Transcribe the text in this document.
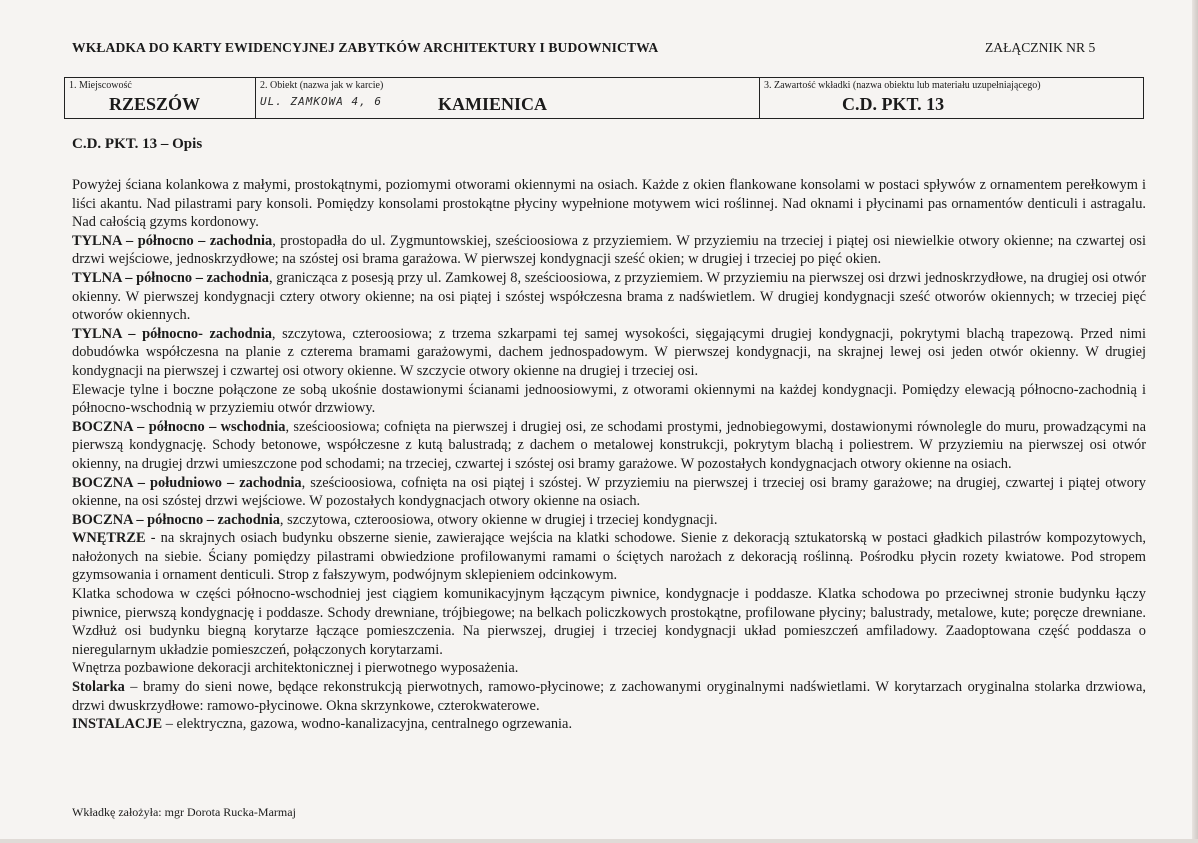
WKŁADKA DO KARTY EWIDENCYJNEJ ZABYTKÓW ARCHITEKTURY I BUDOWNICTWA	ZAŁĄCZNIK NR 5
1. Miejscowość
RZESZÓW
2. Obiekt (nazwa jak w karcie)
UL. ZAMKOWA 4, 6	KAMIENICA
3. Zawartość wkładki (nazwa obiektu lub materiału uzupełniającego)
C.D. PKT. 13
C.D. PKT. 13 – Opis

Powyżej ściana kolankowa z małymi, prostokątnymi, poziomymi otworami okiennymi na osiach. Każde z okien flankowane konsolami w postaci spływów z ornamentem perełkowym i liści akantu. Nad pilastrami pary konsoli. Pomiędzy konsolami prostokątne płyciny wypełnione motywem wici roślinnej. Nad oknami i płycinami pas ornamentów denticuli i astragalu. Nad całością gzyms kordonowy.

TYLNA – północno – zachodnia, prostopadła do ul. Zygmuntowskiej, sześcioosiowa z przyziemiem. W przyziemiu na trzeciej i piątej osi niewielkie otwory okienne; na czwartej osi drzwi wejściowe, jednoskrzydłowe; na szóstej osi brama garażowa. W pierwszej kondygnacji sześć okien; w drugiej i trzeciej po pięć okien.

TYLNA – północno – zachodnia, granicząca z posesją przy ul. Zamkowej 8, sześcioosiowa, z przyziemiem. W przyziemiu na pierwszej osi drzwi jednoskrzydłowe, na drugiej osi otwór okienny. W pierwszej kondygnacji cztery otwory okienne; na osi piątej i szóstej współczesna brama z nadświetlem. W drugiej kondygnacji sześć otworów okiennych; w trzeciej pięć otworów okiennych.

TYLNA – północno- zachodnia, szczytowa, czteroosiowa; z trzema szkarpami tej samej wysokości, sięgającymi drugiej kondygnacji, pokrytymi blachą trapezową. Przed nimi dobudówka współczesna na planie z czterema bramami garażowymi, dachem jednospadowym. W pierwszej kondygnacji, na skrajnej lewej osi jeden otwór okienny. W drugiej kondygnacji na pierwszej i czwartej osi otwory okienne. W szczycie otwory okienne na drugiej i trzeciej osi.

Elewacje tylne i boczne połączone ze sobą ukośnie dostawionymi ścianami jednoosiowymi, z otworami okiennymi na każdej kondygnacji. Pomiędzy elewacją północno-zachodnią i północno-wschodnią w przyziemiu otwór drzwiowy.

BOCZNA – północno – wschodnia, sześcioosiowa; cofnięta na pierwszej i drugiej osi, ze schodami prostymi, jednobiegowymi, dostawionymi równolegle do muru, prowadzącymi na pierwszą kondygnację. Schody betonowe, współczesne z kutą balustradą; z dachem o metalowej konstrukcji, pokrytym blachą i poliestrem. W przyziemiu na pierwszej osi otwór okienny, na drugiej drzwi umieszczone pod schodami; na trzeciej, czwartej i szóstej osi bramy garażowe. W pozostałych kondygnacjach otwory okienne na osiach.

BOCZNA – południowo – zachodnia, sześcioosiowa, cofnięta na osi piątej i szóstej. W przyziemiu na pierwszej i trzeciej osi bramy garażowe; na drugiej, czwartej i piątej otwory okienne, na osi szóstej drzwi wejściowe. W pozostałych kondygnacjach otwory okienne na osiach.

BOCZNA – północno – zachodnia, szczytowa, czteroosiowa, otwory okienne w drugiej i trzeciej kondygnacji.

WNĘTRZE - na skrajnych osiach budynku obszerne sienie, zawierające wejścia na klatki schodowe. Sienie z dekoracją sztukatorską w postaci gładkich pilastrów kompozytowych, nałożonych na siebie. Ściany pomiędzy pilastrami obwiedzione profilowanymi ramami o ściętych narożach z dekoracją roślinną. Pośrodku płycin rozety kwiatowe. Pod stropem gzymsowania i ornament denticuli. Strop z fałszywym, podwójnym sklepieniem odcinkowym.

Klatka schodowa w części północno-wschodniej jest ciągiem komunikacyjnym łączącym piwnice, kondygnacje i poddasze. Klatka schodowa po przeciwnej stronie budynku łączy piwnice, pierwszą kondygnację i poddasze. Schody drewniane, trójbiegowe; na belkach policzkowych prostokątne, profilowane płyciny; balustrady, metalowe, kute; poręcze drewniane. Wzdłuż osi budynku biegną korytarze łączące pomieszczenia. Na pierwszej, drugiej i trzeciej kondygnacji układ pomieszczeń amfiladowy. Zaadoptowana część poddasza o nieregularnym układzie pomieszczeń, połączonych korytarzami.

Wnętrza pozbawione dekoracji architektonicznej i pierwotnego wyposażenia.

Stolarka – bramy do sieni nowe, będące rekonstrukcją pierwotnych, ramowo-płycinowe; z zachowanymi oryginalnymi nadświetlami. W korytarzach oryginalna stolarka drzwiowa, drzwi dwuskrzydłowe: ramowo-płycinowe. Okna skrzynkowe, czterokwaterowe.

INSTALACJE – elektryczna, gazowa, wodno-kanalizacyjna, centralnego ogrzewania.

Wkładkę założyła: mgr Dorota Rucka-Marmaj
